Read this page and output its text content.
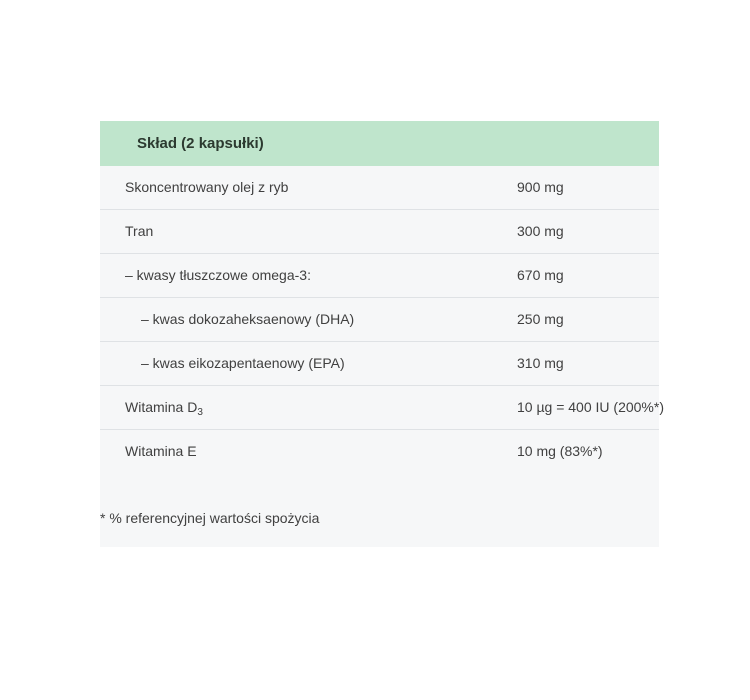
Skład (2 kapsułki)
Skoncentrowany olej z ryb	900 mg
Tran	300 mg
– kwasy tłuszczowe omega-3:	670 mg
– kwas dokozaheksaenowy (DHA)	250 mg
– kwas eikozapentaenowy (EPA)	310 mg
Witamina $D_3$	10 µg = 400 IU (200%*)
Witamina E	10 mg (83%*)
* % referencyjnej wartości spożycia
